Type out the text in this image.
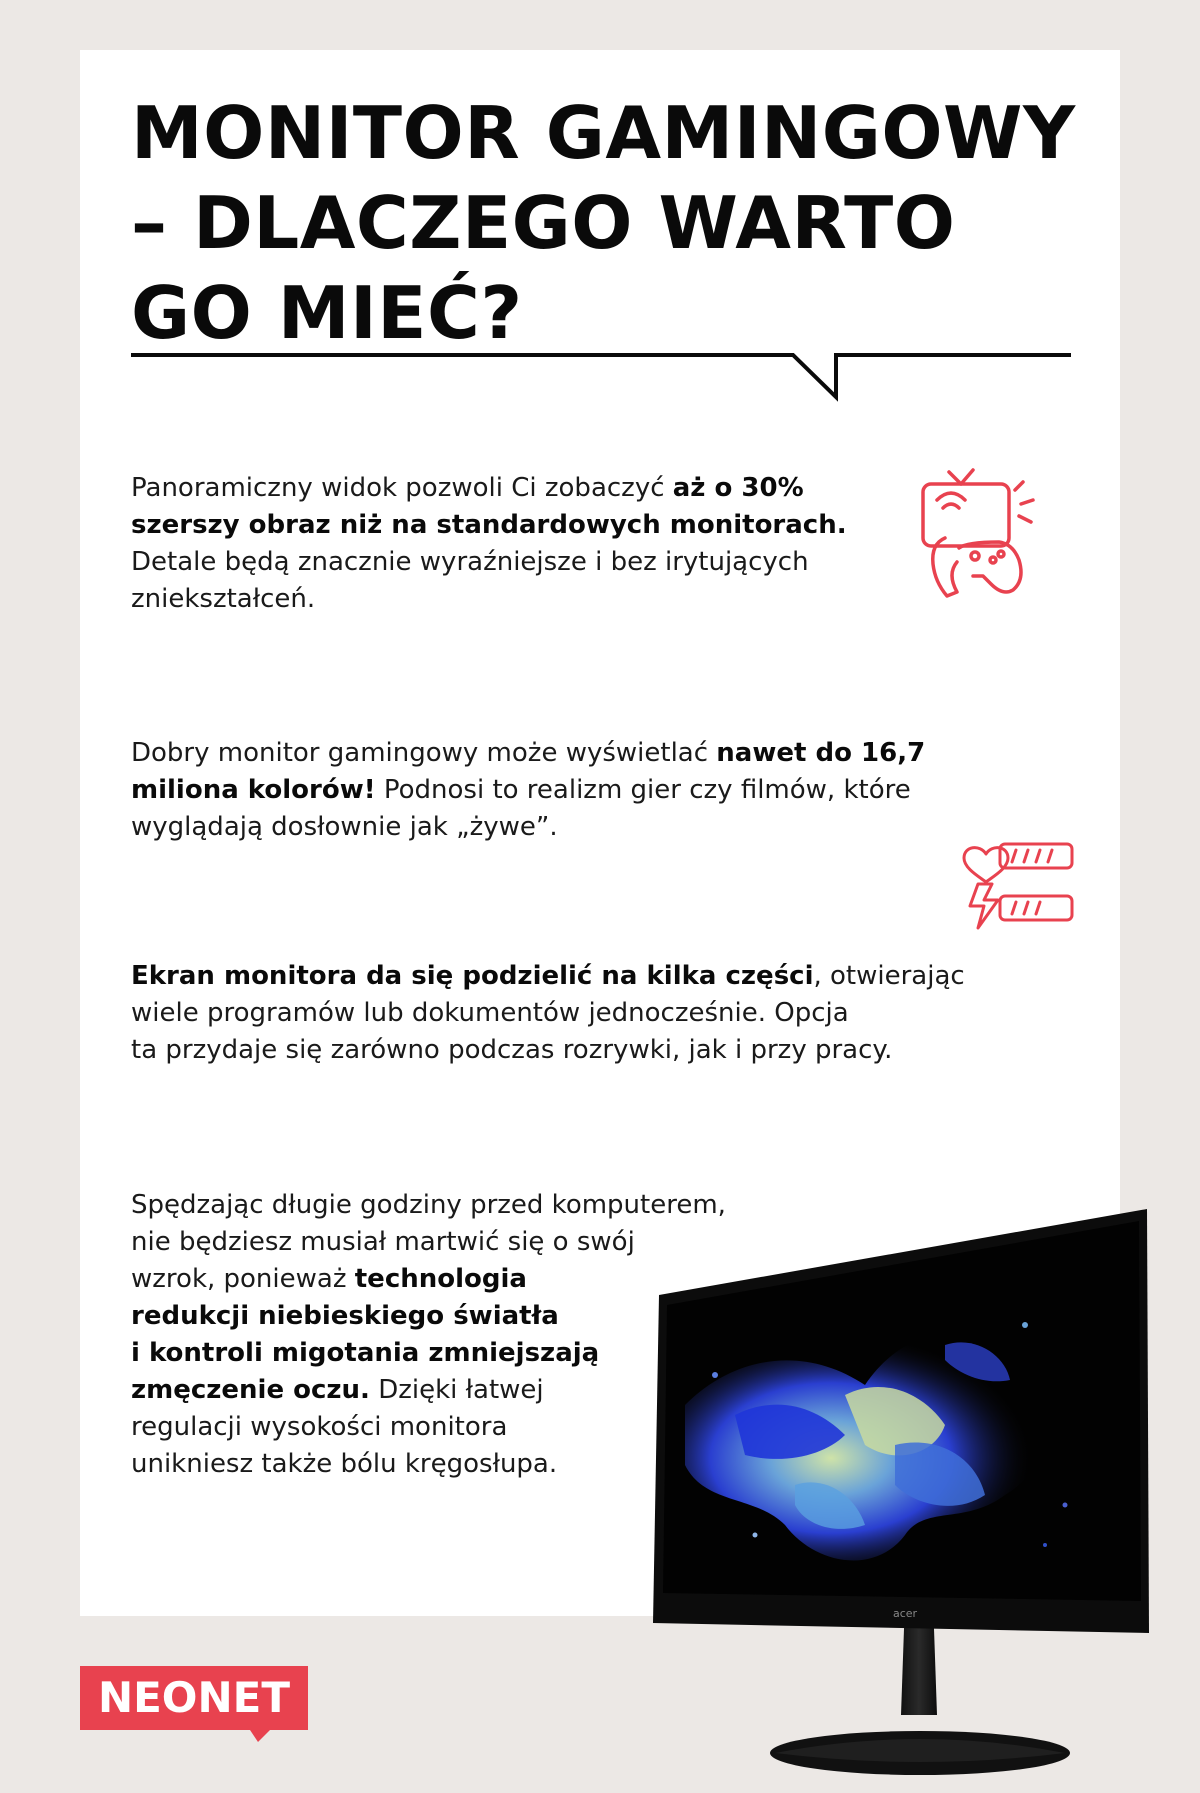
MONITOR GAMINGOWY
– DLACZEGO WARTO
GO MIEĆ?
Panoramiczny widok pozwoli Ci zobaczyć aż o 30%
szerszy obraz niż na standardowych monitorach.
Detale będą znacznie wyraźniejsze i bez irytujących
zniekształceń.
Dobry monitor gamingowy może wyświetlać nawet do 16,7
miliona kolorów! Podnosi to realizm gier czy filmów, które
wyglądają dosłownie jak „żywe”.
Ekran monitora da się podzielić na kilka części, otwierając
wiele programów lub dokumentów jednocześnie. Opcja
ta przydaje się zarówno podczas rozrywki, jak i przy pracy.
Spędzając długie godziny przed komputerem,
nie będziesz musiał martwić się o swój
wzrok, ponieważ technologia
redukcji niebieskiego światła
i kontroli migotania zmniejszają
zmęczenie oczu. Dzięki łatwej
regulacji wysokości monitora
unikniesz także bólu kręgosłupa.
acer
NEONET
